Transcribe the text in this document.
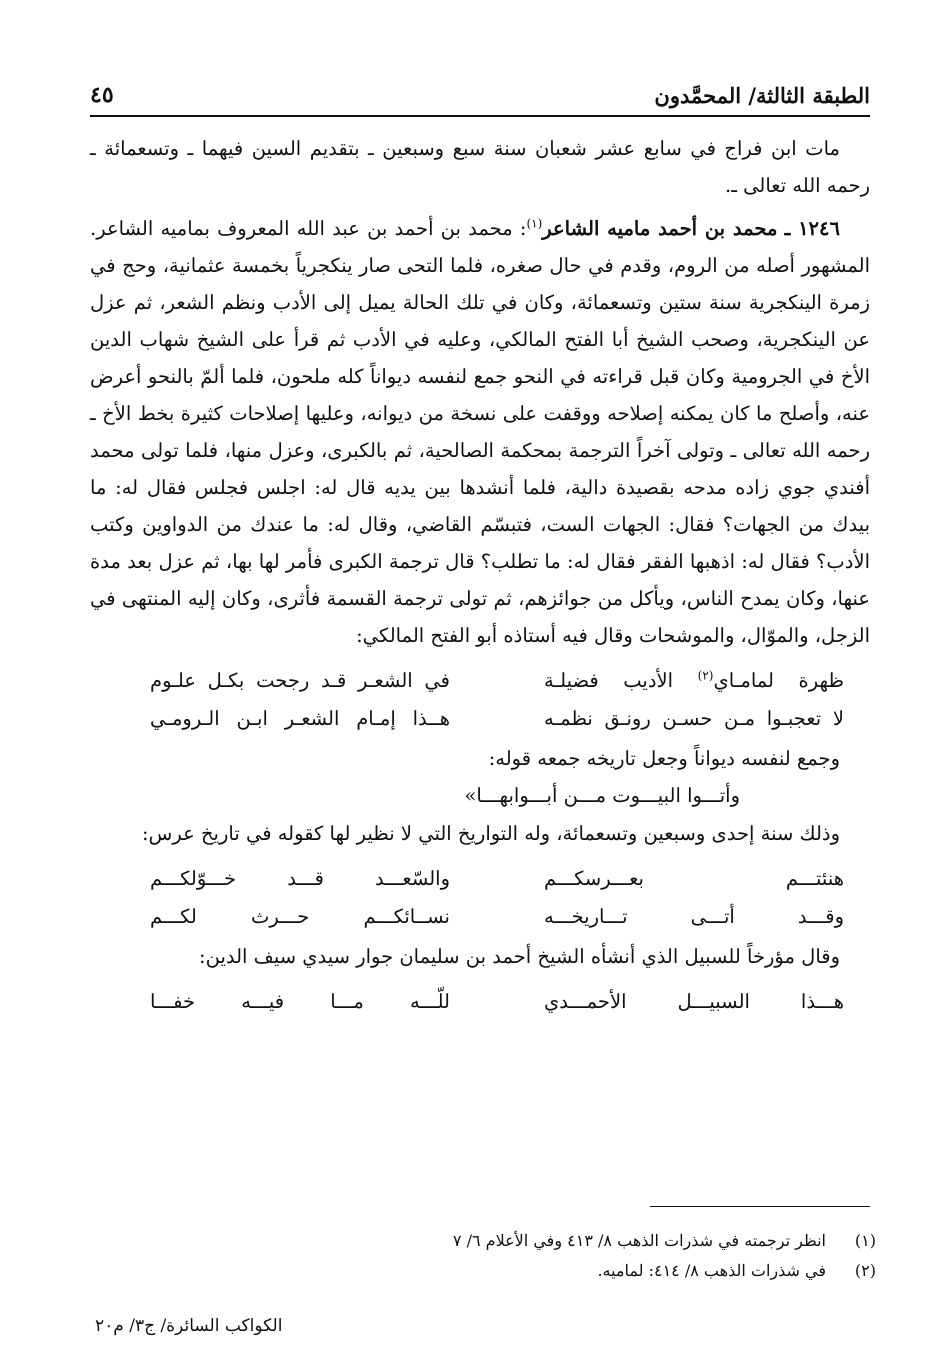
الطبقة الثالثة/ المحمَّدون
٤٥

مات ابن فراج في سابع عشر شعبان سنة سبع وسبعين ـ بتقديم السين فيهما ـ وتسعمائة ـ رحمه الله تعالى ـ.

١٢٤٦ ـ محمد بن أحمد ماميه الشاعر$^{(١)}$: محمد بن أحمد بن عبد الله المعروف بماميه الشاعر. المشهور أصله من الروم، وقدم في حال صغره، فلما التحى صار ينكجرياً بخمسة عثمانية، وحج في زمرة الينكجرية سنة ستين وتسعمائة، وكان في تلك الحالة يميل إلى الأدب ونظم الشعر، ثم عزل عن الينكجرية، وصحب الشيخ أبا الفتح المالكي، وعليه في الأدب ثم قرأ على الشيخ شهاب الدين الأخ في الجرومية وكان قبل قراءته في النحو جمع لنفسه ديواناً كله ملحون، فلما ألمّ بالنحو أعرض عنه، وأصلح ما كان يمكنه إصلاحه ووقفت على نسخة من ديوانه، وعليها إصلاحات كثيرة بخط الأخ ـ رحمه الله تعالى ـ وتولى آخراً الترجمة بمحكمة الصالحية، ثم بالكبرى، وعزل منها، فلما تولى محمد أفندي جوي زاده مدحه بقصيدة دالية، فلما أنشدها بين يديه قال له: اجلس فجلس فقال له: ما بيدك من الجهات؟ فقال: الجهات الست، فتبسّم القاضي، وقال له: ما عندك من الدواوين وكتب الأدب؟ فقال له: اذهبها الفقر فقال له: ما تطلب؟ قال ترجمة الكبرى فأمر لها بها، ثم عزل بعد مدة عنها، وكان يمدح الناس، ويأكل من جوائزهم، ثم تولى ترجمة القسمة فأثرى، وكان إليه المنتهى في الزجل، والموّال، والموشحات وقال فيه أستاذه أبو الفتح المالكي:

ظهرة لمامـاي$^{(٢)}$ الأديب فضيلـة
في الشعـر قـد رجحت بكـل علـوم
لا تعجبـوا مـن حسـن رونـق نظمـه
هــذا إمـام الشعـر ابـن الـرومـي

وجمع لنفسه ديواناً وجعل تاريخه جمعه قوله:

وأتـــوا البيـــوت مـــن أبـــوابهـــا»

وذلك سنة إحدى وسبعين وتسعمائة، وله التواريخ التي لا نظير لها كقوله في تاريخ عرس:

هنئتـــم بعـــرسكـــم
والسّعـــد قـــد خـــوّلكـــم
وقـــد أتـــى تـــاريخـــه
نســائكـــم حـــرث لكـــم

وقال مؤرخاً للسبيل الذي أنشأه الشيخ أحمد بن سليمان جوار سيدي سيف الدين:

هـــذا السبيـــل الأحمـــدي
للّـــه مـــا فيـــه خفـــا
(١)
انظر ترجمته في شذرات الذهب ٨/ ٤١٣ وفي الأعلام ٦/ ٧
(٢)
في شذرات الذهب ٨/ ٤١٤: لماميه.
الكواكب السائرة/ ج٣/ م٢٠
